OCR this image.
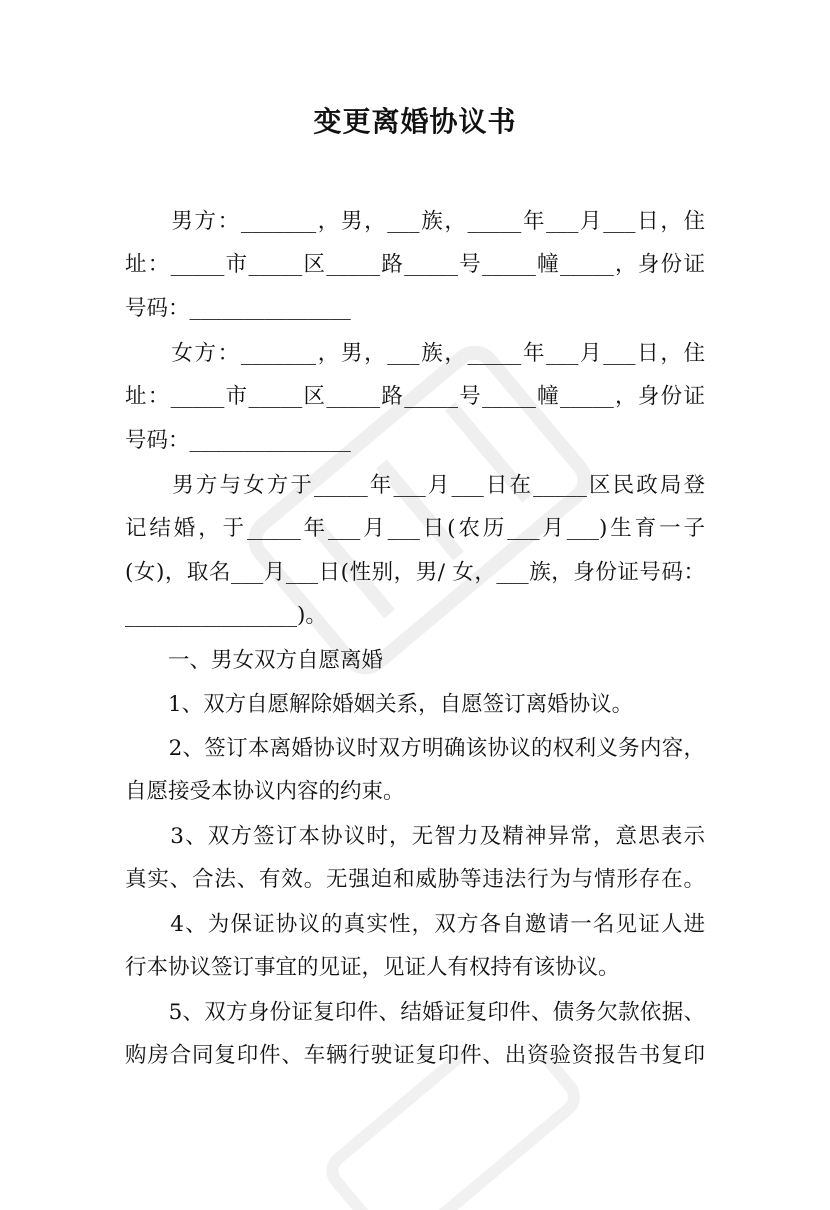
变更离婚协议书
　　男方：_______，男，___族，_____年___月___日，住
址：_____市_____区_____路_____号_____幢_____，身份证
号码：_______________
　　女方：_______，男，___族，_____年___月___日，住
址：_____市_____区_____路_____号_____幢_____，身份证
号码：_______________
　　男方与女方于_____年___月___日在_____区民政局登
记结婚，于_____年___月___日(农历___月___)生育一子
(女)，取名___月___日(性别，男/ 女，___族，身份证号码：
________________)。
　　一、男女双方自愿离婚
　　1、双方自愿解除婚姻关系，自愿签订离婚协议。
　　2、签订本离婚协议时双方明确该协议的权利义务内容，
自愿接受本协议内容的约束。
　　3、双方签订本协议时，无智力及精神异常，意思表示
真实、合法、有效。无强迫和威胁等违法行为与情形存在。
　　4、为保证协议的真实性，双方各自邀请一名见证人进
行本协议签订事宜的见证，见证人有权持有该协议。
　　5、双方身份证复印件、结婚证复印件、债务欠款依据、
购房合同复印件、车辆行驶证复印件、出资验资报告书复印
